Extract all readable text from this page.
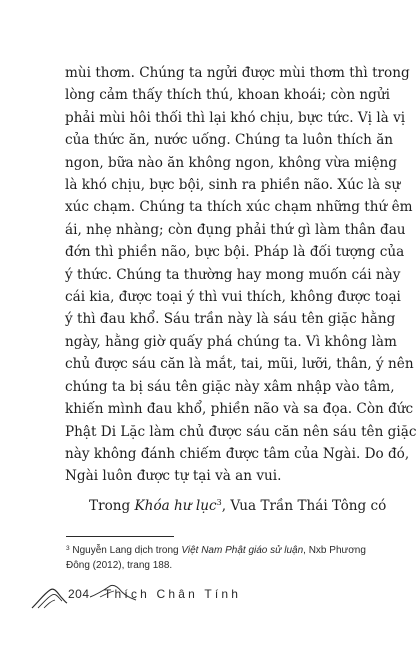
mùi thơm. Chúng ta ngửi được mùi thơm thì trong
lòng cảm thấy thích thú, khoan khoái; còn ngửi
phải mùi hôi thối thì lại khó chịu, bực tức. Vị là vị
của thức ăn, nước uống. Chúng ta luôn thích ăn
ngon, bữa nào ăn không ngon, không vừa miệng
là khó chịu, bực bội, sinh ra phiền não. Xúc là sự
xúc chạm. Chúng ta thích xúc chạm những thứ êm
ái, nhẹ nhàng; còn đụng phải thứ gì làm thân đau
đớn thì phiền não, bực bội. Pháp là đối tượng của
ý thức. Chúng ta thường hay mong muốn cái này
cái kia, được toại ý thì vui thích, không được toại
ý thì đau khổ. Sáu trần này là sáu tên giặc hằng
ngày, hằng giờ quấy phá chúng ta. Vì không làm
chủ được sáu căn là mắt, tai, mũi, lưỡi, thân, ý nên
chúng ta bị sáu tên giặc này xâm nhập vào tâm,
khiến mình đau khổ, phiền não và sa đọa. Còn đức
Phật Di Lặc làm chủ được sáu căn nên sáu tên giặc
này không đánh chiếm được tâm của Ngài. Do đó,
Ngài luôn được tự tại và an vui.
Trong Khóa hư lục$^3$, Vua Trần Thái Tông có
$^3$ Nguyễn Lang dịch trong Việt Nam Phật giáo sử luận, Nxb Phương
Đông (2012), trang 188.
204 Thích Chân Tính
